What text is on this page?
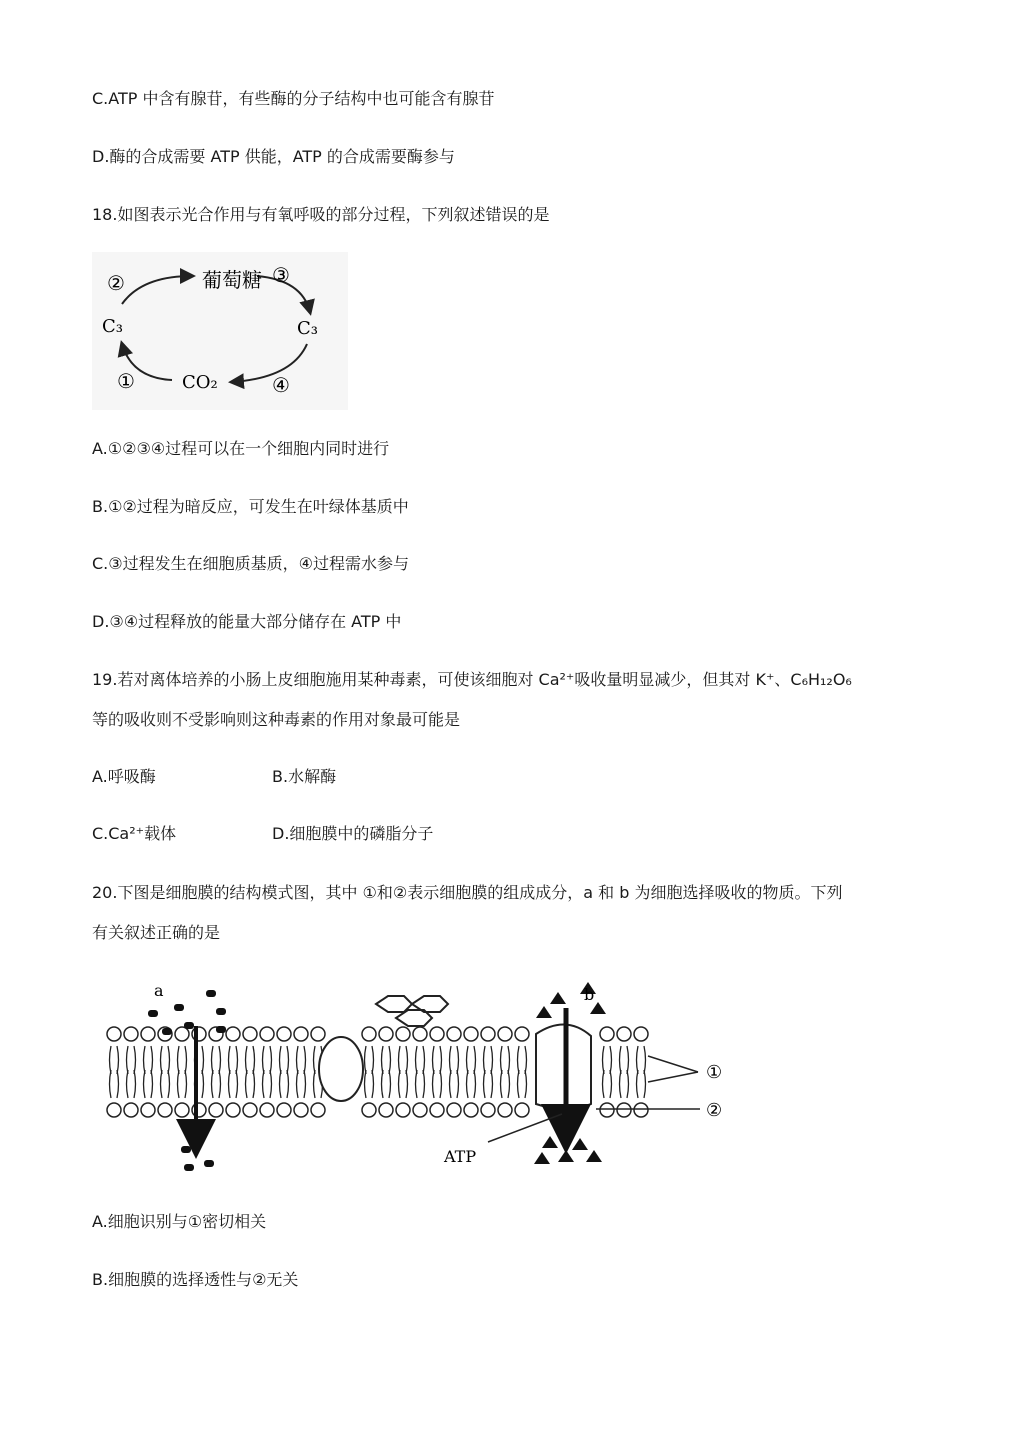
C.ATP 中含有腺苷，有些酶的分子结构中也可能含有腺苷
D.酶的合成需要 ATP 供能，ATP 的合成需要酶参与
18.如图表示光合作用与有氧呼吸的部分过程，下列叙述错误的是
葡萄糖
C₃	C₃
CO₂
②	③
①	④
A.①②③④过程可以在一个细胞内同时进行
B.①②过程为暗反应，可发生在叶绿体基质中
C.③过程发生在细胞质基质，④过程需水参与
D.③④过程释放的能量大部分储存在 ATP 中
19.若对离体培养的小肠上皮细胞施用某种毒素，可使该细胞对 Ca²⁺吸收量明显减少，但其对 K⁺、C₆H₁₂O₆
等的吸收则不受影响则这种毒素的作用对象最可能是
A.呼吸酶	B.水解酶
C.Ca²⁺载体	D.细胞膜中的磷脂分子
20.下图是细胞膜的结构模式图，其中 ①和②表示细胞膜的组成成分，a 和 b 为细胞选择吸收的物质。下列
有关叙述正确的是
a	b
ATP
①
②
A.细胞识别与①密切相关
B.细胞膜的选择透性与②无关
